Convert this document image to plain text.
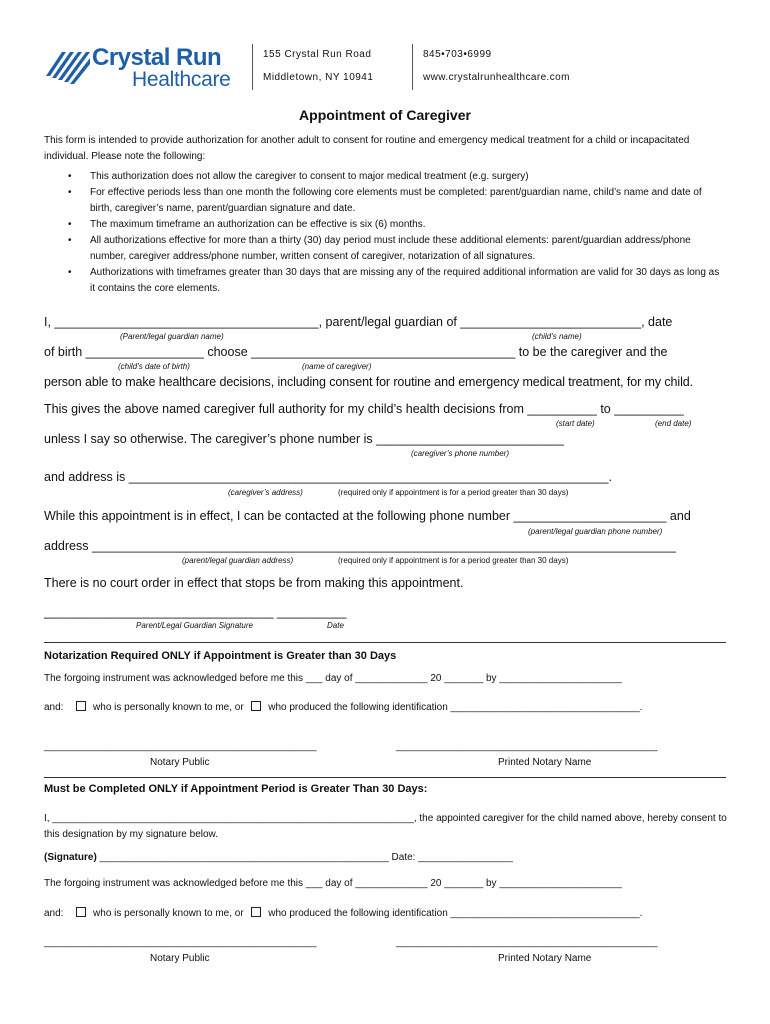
Crystal Run
Healthcare
155 Crystal Run Road
Middletown, NY 10941
845•703•6999
www.crystalrunhealthcare.com
Appointment of Caregiver
This form is intended to provide authorization for another adult to consent for routine and emergency medical treatment for a child or incapacitated individual. Please note the following:
• This authorization does not allow the caregiver to consent to major medical treatment (e.g. surgery)
• For effective periods less than one month the following core elements must be completed: parent/guardian name, child’s name and date of birth, caregiver’s name, parent/guardian signature and date.
• The maximum timeframe an authorization can be effective is six (6) months.
• All authorizations effective for more than a thirty (30) day period must include these additional elements: parent/guardian address/phone number, caregiver address/phone number, written consent of caregiver, notarization of all signatures.
• Authorizations with timeframes greater than 30 days that are missing any of the required additional information are valid for 30 days as long as it contains the core elements.
I, ______________________________________, parent/legal guardian of __________________________, date
(Parent/legal guardian name)	(child’s name)
of birth _________________ choose ______________________________________ to be the caregiver and the
(child’s date of birth)	(name of caregiver)
person able to make healthcare decisions, including consent for routine and emergency medical treatment, for my child.
This gives the above named caregiver full authority for my child’s health decisions from __________ to __________
(start date)	(end date)
unless I say so otherwise. The caregiver’s phone number is ___________________________
(caregiver’s phone number)
and address is _____________________________________________________________________.
(caregiver’s address)	(required only if appointment is for a period greater than 30 days)
While this appointment is in effect, I can be contacted at the following phone number ______________________ and
(parent/legal guardian phone number)
address ____________________________________________________________________________________
(parent/legal guardian address)	(required only if appointment is for a period greater than 30 days)
There is no court order in effect that stops be from making this appointment.
_________________________________ __________
Parent/Legal Guardian Signature	Date
Notarization Required ONLY if Appointment is Greater than 30 Days
The forgoing instrument was acknowledged before me this ___ day of _____________ 20 _______ by ______________________
and:	who is personally known to me, or who produced the following identification __________________________________.
_________________________________________________	_______________________________________________
Notary Public	Printed Notary Name
Must be Completed ONLY if Appointment Period is Greater Than 30 Days:
I, _________________________________________________________________, the appointed caregiver for the child named above, hereby consent to this designation by my signature below.
(Signature) ____________________________________________________ Date: _________________
The forgoing instrument was acknowledged before me this ___ day of _____________ 20 _______ by ______________________
and:	who is personally known to me, or who produced the following identification __________________________________.
_________________________________________________	_______________________________________________
Notary Public	Printed Notary Name
